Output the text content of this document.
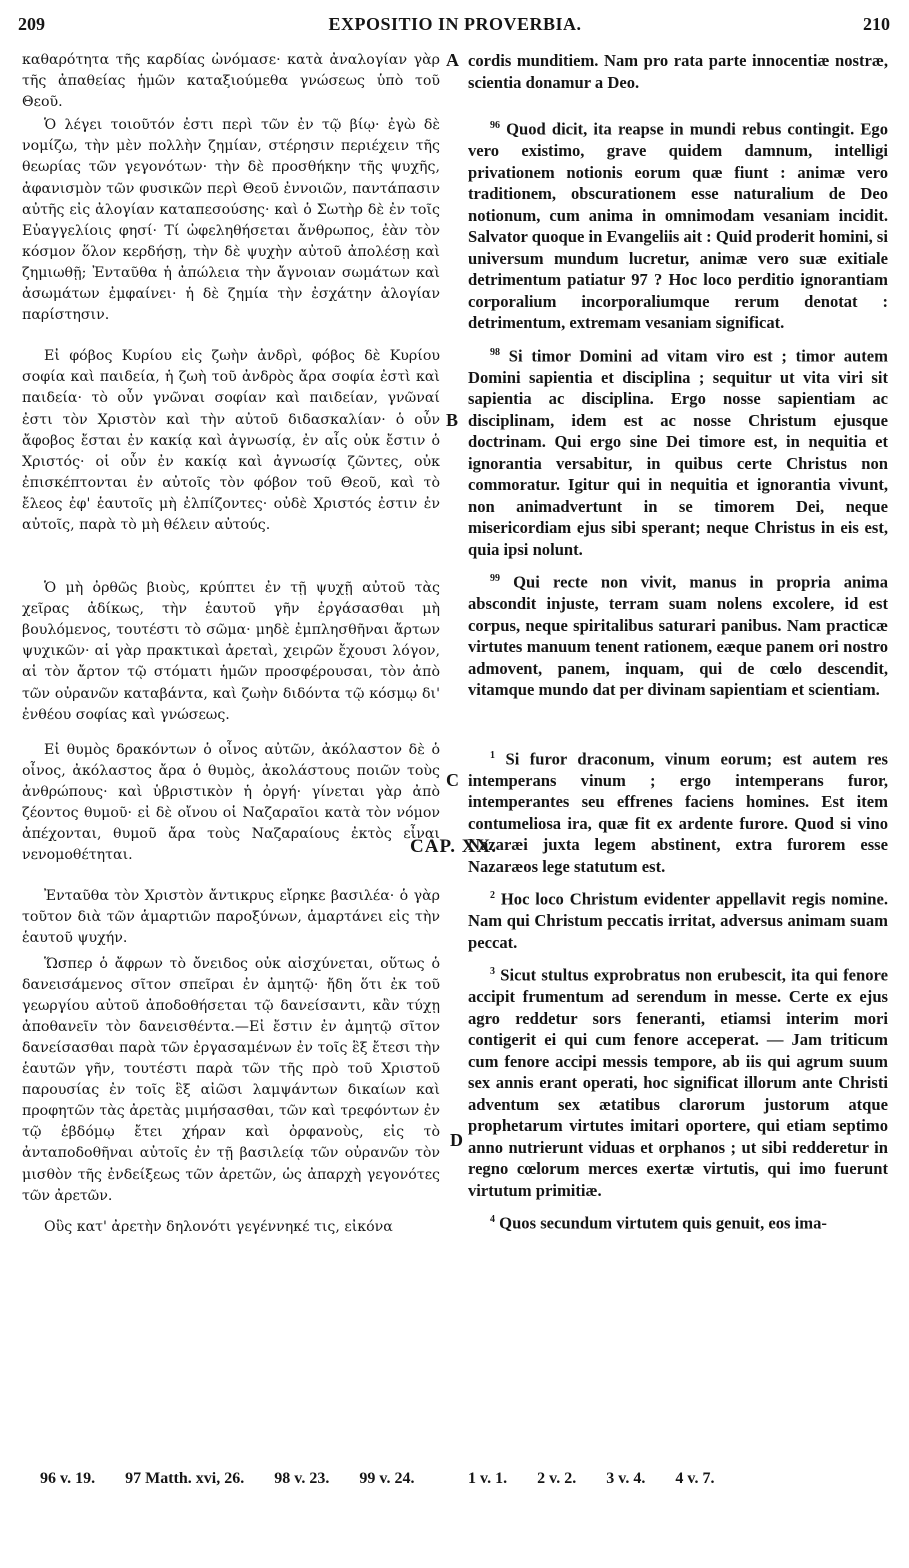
209	EXPOSITIO IN PROVERBIA.	210

καθαρότητα τῆς καρδίας ὠνόμασε· κατὰ ἀναλογίαν γὰρ τῆς ἀπαθείας ἡμῶν καταξιούμεθα γνώσεως ὑπὸ τοῦ Θεοῦ.

Ὁ λέγει τοιοῦτόν ἐστι περὶ τῶν ἐν τῷ βίῳ· ἐγὼ δὲ νομίζω, τὴν μὲν πολλὴν ζημίαν, στέρησιν περιέχειν τῆς θεωρίας τῶν γεγονότων· τὴν δὲ προσθήκην τῆς ψυχῆς, ἀφανισμὸν τῶν φυσικῶν περὶ Θεοῦ ἐννοιῶν, παντάπασιν αὐτῆς εἰς ἀλογίαν καταπεσούσης· καὶ ὁ Σωτὴρ δὲ ἐν τοῖς Εὐαγγελίοις φησί· Τί ὠφεληθήσεται ἄνθρωπος, ἐὰν τὸν κόσμον ὅλον κερδήσῃ, τὴν δὲ ψυχὴν αὐτοῦ ἀπολέσῃ καὶ ζημιωθῇ; Ἐνταῦθα ἡ ἀπώλεια τὴν ἄγνοιαν σωμάτων καὶ ἀσωμάτων ἐμφαίνει· ἡ δὲ ζημία τὴν ἐσχάτην ἀλογίαν παρίστησιν.

Εἰ φόβος Κυρίου εἰς ζωὴν ἀνδρὶ, φόβος δὲ Κυρίου σοφία καὶ παιδεία, ἡ ζωὴ τοῦ ἀνδρὸς ἄρα σοφία ἐστὶ καὶ παιδεία· τὸ οὖν γνῶναι σοφίαν καὶ παιδείαν, γνῶναί ἐστι τὸν Χριστὸν καὶ τὴν αὐτοῦ διδασκαλίαν· ὁ οὖν ἄφοβος ἔσται ἐν κακίᾳ καὶ ἀγνωσίᾳ, ἐν αἷς οὐκ ἔστιν ὁ Χριστός· οἱ οὖν ἐν κακίᾳ καὶ ἀγνωσίᾳ ζῶντες, οὐκ ἐπισκέπτονται ἐν αὐτοῖς τὸν φόβον τοῦ Θεοῦ, καὶ τὸ ἔλεος ἐφ' ἑαυτοῖς μὴ ἐλπίζοντες· οὐδὲ Χριστός ἐστιν ἐν αὐτοῖς, παρὰ τὸ μὴ θέλειν αὐτούς.

Ὁ μὴ ὀρθῶς βιοὺς, κρύπτει ἐν τῇ ψυχῇ αὐτοῦ τὰς χεῖρας ἀδίκως, τὴν ἑαυτοῦ γῆν ἐργάσασθαι μὴ βουλόμενος, τουτέστι τὸ σῶμα· μηδὲ ἐμπλησθῆναι ἄρτων ψυχικῶν· αἱ γὰρ πρακτικαὶ ἀρεταὶ, χειρῶν ἔχουσι λόγον, αἱ τὸν ἄρτον τῷ στόματι ἡμῶν προσφέρουσαι, τὸν ἀπὸ τῶν οὐρανῶν καταβάντα, καὶ ζωὴν διδόντα τῷ κόσμῳ δι' ἐνθέου σοφίας καὶ γνώσεως.

Εἰ θυμὸς δρακόντων ὁ οἶνος αὐτῶν, ἀκόλαστον δὲ ὁ οἶνος, ἀκόλαστος ἄρα ὁ θυμὸς, ἀκολάστους ποιῶν τοὺς ἀνθρώπους· καὶ ὑβριστικὸν ἡ ὀργή· γίνεται γὰρ ἀπὸ ζέοντος θυμοῦ· εἰ δὲ οἴνου οἱ Ναζαραῖοι κατὰ τὸν νόμον ἀπέχονται, θυμοῦ ἄρα τοὺς Ναζαραίους ἐκτὸς εἶναι νενομοθέτηται.

Ἐνταῦθα τὸν Χριστὸν ἄντικρυς εἴρηκε βασιλέα· ὁ γὰρ τοῦτον διὰ τῶν ἁμαρτιῶν παροξύνων, ἁμαρτάνει εἰς τὴν ἑαυτοῦ ψυχήν.

Ὥσπερ ὁ ἄφρων τὸ ὄνειδος οὐκ αἰσχύνεται, οὕτως ὁ δανεισάμενος σῖτον σπεῖραι ἐν ἀμητῷ· ἤδη ὅτι ἐκ τοῦ γεωργίου αὐτοῦ ἀποδοθήσεται τῷ δανείσαντι, κἂν τύχῃ ἀποθανεῖν τὸν δανεισθέντα.—Εἰ ἔστιν ἐν ἀμητῷ σῖτον δανείσασθαι παρὰ τῶν ἐργασαμένων ἐν τοῖς ἓξ ἔτεσι τὴν ἑαυτῶν γῆν, τουτέστι παρὰ τῶν τῆς πρὸ τοῦ Χριστοῦ παρουσίας ἐν τοῖς ἓξ αἰῶσι λαμψάντων δικαίων καὶ προφητῶν τὰς ἀρετὰς μιμήσασθαι, τῶν καὶ τρεφόντων ἐν τῷ ἑβδόμῳ ἔτει χήραν καὶ ὀρφανοὺς, εἰς τὸ ἀνταποδοθῆναι αὐτοῖς ἐν τῇ βασιλείᾳ τῶν οὐρανῶν τὸν μισθὸν τῆς ἐνδείξεως τῶν ἀρετῶν, ὡς ἀπαρχὴ γεγονότες τῶν ἀρετῶν.

Οὓς κατ' ἀρετὴν δηλονότι γεγέννηκέ τις, εἰκόνα

A
B
C
D

cordis munditiem. Nam pro rata parte innocentiæ nostræ, scientia donamur a Deo.

$^{96}$ Quod dicit, ita reapse in mundi rebus contingit. Ego vero existimo, grave quidem damnum, intelligi privationem notionis eorum quæ fiunt : animæ vero traditionem, obscurationem esse naturalium de Deo notionum, cum anima in omnimodam vesaniam incidit. Salvator quoque in Evangeliis ait : Quid proderit homini, si universum mundum lucretur, animæ vero suæ exitiale detrimentum patiatur 97 ? Hoc loco perditio ignorantiam corporalium incorporaliumque rerum denotat : detrimentum, extremam vesaniam significat.

$^{98}$ Si timor Domini ad vitam viro est ; timor autem Domini sapientia et disciplina ; sequitur ut vita viri sit sapientia ac disciplina. Ergo nosse sapientiam ac disciplinam, idem est ac nosse Christum ejusque doctrinam. Qui ergo sine Dei timore est, in nequitia et ignorantia versabitur, in quibus certe Christus non commoratur. Igitur qui in nequitia et ignorantia vivunt, non animadvertunt in se timorem Dei, neque misericordiam ejus sibi sperant; neque Christus in eis est, quia ipsi nolunt.

$^{99}$ Qui recte non vivit, manus in propria anima abscondit injuste, terram suam nolens excolere, id est corpus, neque spiritalibus saturari panibus. Nam practicæ virtutes manuum tenent rationem, eæque panem ori nostro admovent, panem, inquam, qui de cœlo descendit, vitamque mundo dat per divinam sapientiam et scientiam.

$^1$ Si furor draconum, vinum eorum; est autem res intemperans vinum ; ergo intemperans furor, intemperantes seu effrenes faciens homines. Est item contumeliosa ira, quæ fit ex ardente furore. Quod si vino Nazaræi juxta legem abstinent, extra furorem esse Nazaræos lege statutum est.

$^2$ Hoc loco Christum evidenter appellavit regis nomine. Nam qui Christum peccatis irritat, adversus animam suam peccat.

$^3$ Sicut stultus exprobratus non erubescit, ita qui fenore accipit frumentum ad serendum in messe. Certe ex ejus agro reddetur sors feneranti, etiamsi interim mori contigerit ei qui cum fenore acceperat. — Jam triticum cum fenore accipi messis tempore, ab iis qui agrum suum sex annis erant operati, hoc significat illorum ante Christi adventum sex ætatibus clarorum justorum atque prophetarum virtutes imitari oportere, qui etiam septimo anno nutrierunt viduas et orphanos ; ut sibi redderetur in regno cœlorum merces exertæ virtutis, qui imo fuerunt virtutum primitiæ.

$^4$ Quos secundum virtutem quis genuit, eos ima-

CAP. XX.
96 v. 19. 97 Matth. xvi, 26. 98 v. 23. 99 v. 24.	1 v. 1. 2 v. 2. 3 v. 4. 4 v. 7.
